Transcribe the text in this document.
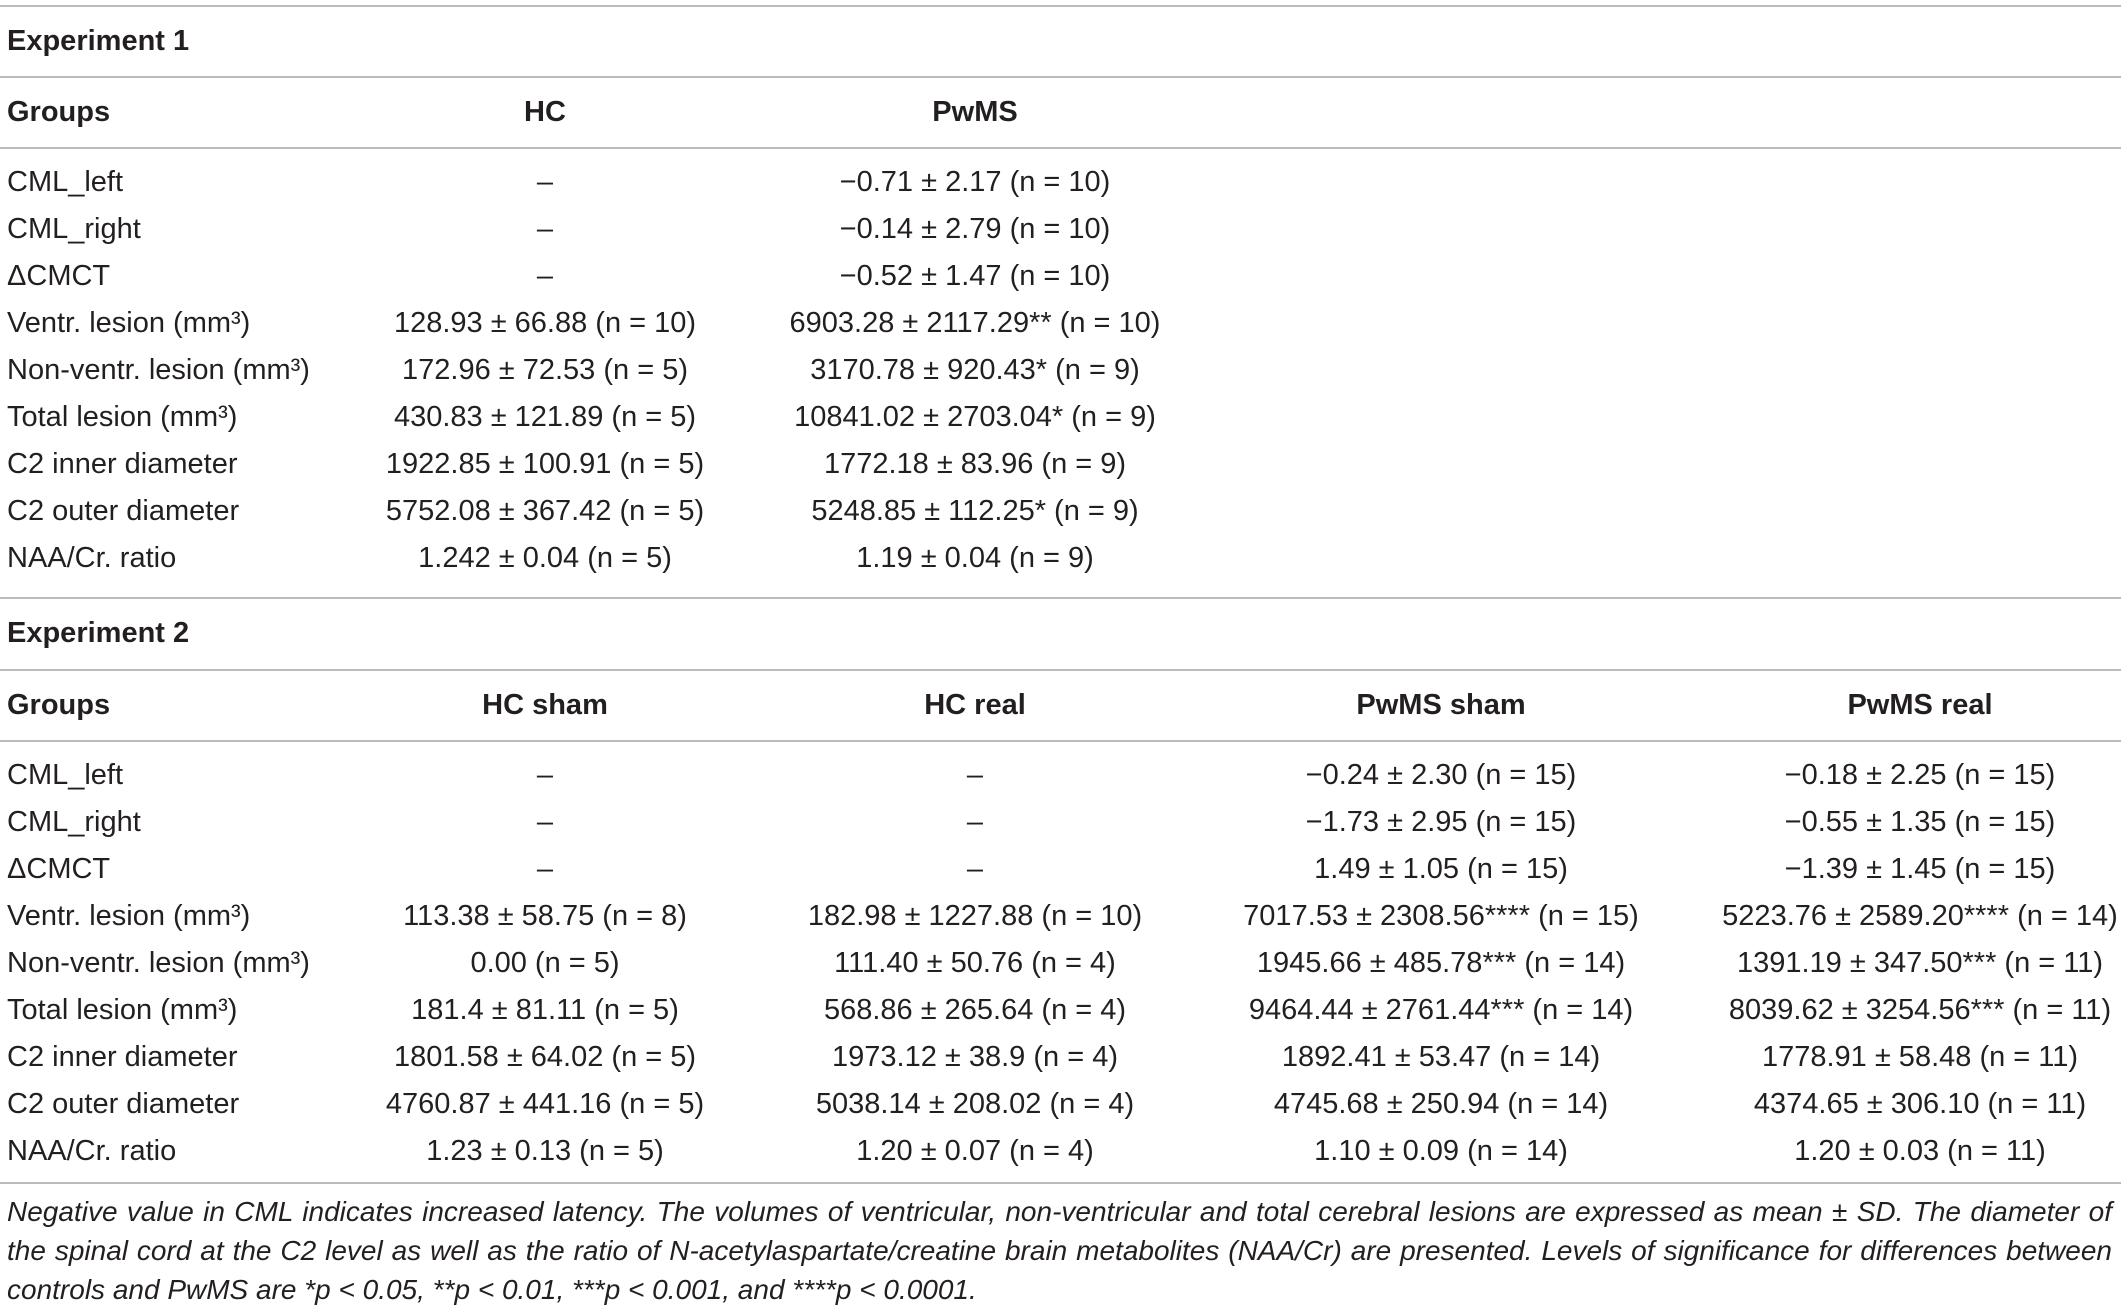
Experiment 1
Groups	HC	PwMS
CML_left	–	−0.71 ± 2.17 (n = 10)
CML_right	–	−0.14 ± 2.79 (n = 10)
ΔCMCT	–	−0.52 ± 1.47 (n = 10)
Ventr. lesion (mm³)	128.93 ± 66.88 (n = 10)	6903.28 ± 2117.29** (n = 10)
Non-ventr. lesion (mm³)	172.96 ± 72.53 (n = 5)	3170.78 ± 920.43* (n = 9)
Total lesion (mm³)	430.83 ± 121.89 (n = 5)	10841.02 ± 2703.04* (n = 9)
C2 inner diameter	1922.85 ± 100.91 (n = 5)	1772.18 ± 83.96 (n = 9)
C2 outer diameter	5752.08 ± 367.42 (n = 5)	5248.85 ± 112.25* (n = 9)
NAA/Cr. ratio	1.242 ± 0.04 (n = 5)	1.19 ± 0.04 (n = 9)
Experiment 2
Groups	HC sham	HC real	PwMS sham	PwMS real
CML_left	–	–	−0.24 ± 2.30 (n = 15)	−0.18 ± 2.25 (n = 15)
CML_right	–	–	−1.73 ± 2.95 (n = 15)	−0.55 ± 1.35 (n = 15)
ΔCMCT	–	–	1.49 ± 1.05 (n = 15)	−1.39 ± 1.45 (n = 15)
Ventr. lesion (mm³)	113.38 ± 58.75 (n = 8)	182.98 ± 1227.88 (n = 10)	7017.53 ± 2308.56**** (n = 15)	5223.76 ± 2589.20**** (n = 14)
Non-ventr. lesion (mm³)	0.00 (n = 5)	111.40 ± 50.76 (n = 4)	1945.66 ± 485.78*** (n = 14)	1391.19 ± 347.50*** (n = 11)
Total lesion (mm³)	181.4 ± 81.11 (n = 5)	568.86 ± 265.64 (n = 4)	9464.44 ± 2761.44*** (n = 14)	8039.62 ± 3254.56*** (n = 11)
C2 inner diameter	1801.58 ± 64.02 (n = 5)	1973.12 ± 38.9 (n = 4)	1892.41 ± 53.47 (n = 14)	1778.91 ± 58.48 (n = 11)
C2 outer diameter	4760.87 ± 441.16 (n = 5)	5038.14 ± 208.02 (n = 4)	4745.68 ± 250.94 (n = 14)	4374.65 ± 306.10 (n = 11)
NAA/Cr. ratio	1.23 ± 0.13 (n = 5)	1.20 ± 0.07 (n = 4)	1.10 ± 0.09 (n = 14)	1.20 ± 0.03 (n = 11)
Negative value in CML indicates increased latency. The volumes of ventricular, non-ventricular and total cerebral lesions are expressed as mean ± SD. The diameter of the spinal cord at the C2 level as well as the ratio of N-acetylaspartate/creatine brain metabolites (NAA/Cr) are presented. Levels of significance for differences between controls and PwMS are *p < 0.05, **p < 0.01, ***p < 0.001, and ****p < 0.0001.
